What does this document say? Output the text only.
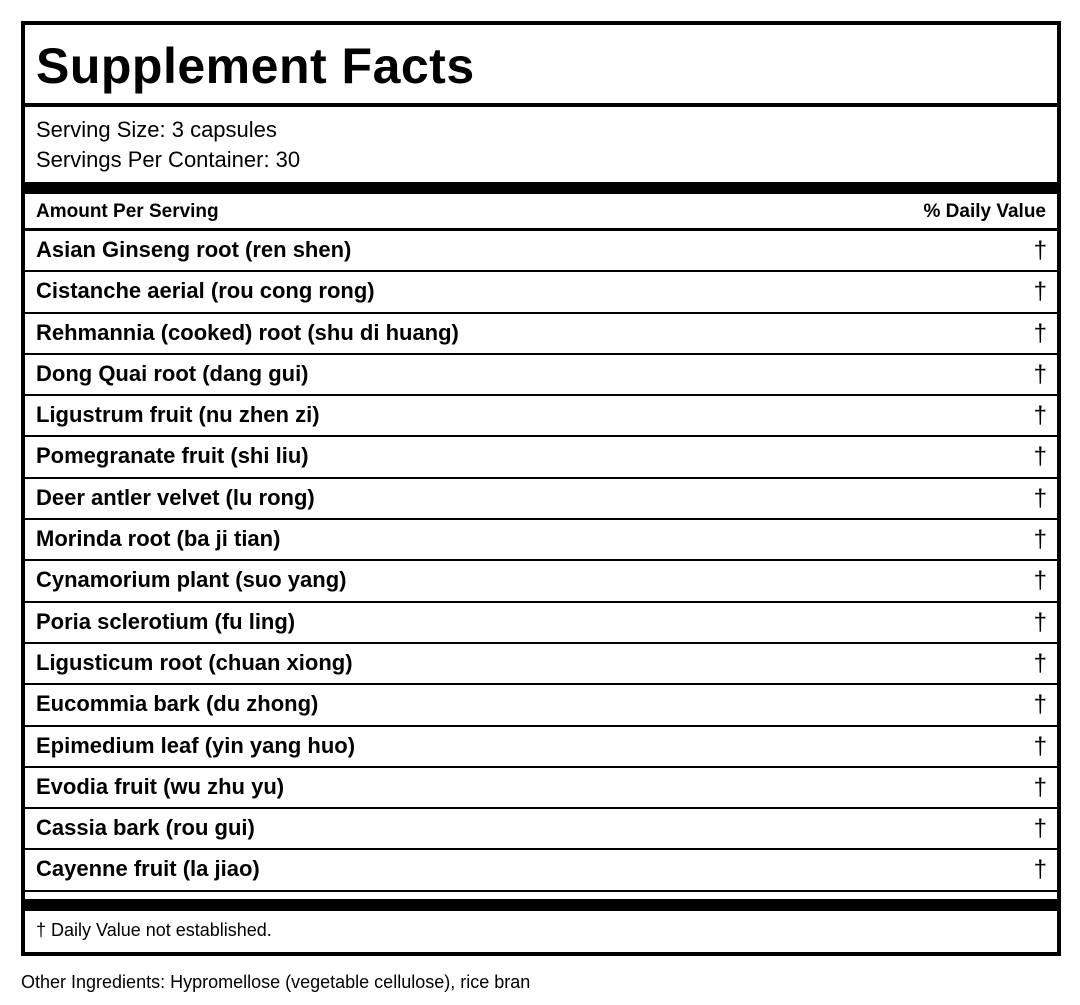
Supplement Facts
Serving Size: 3 capsules
Servings Per Container: 30
Amount Per Serving	% Daily Value
Asian Ginseng root (ren shen)	†
Cistanche aerial (rou cong rong)	†
Rehmannia (cooked) root (shu di huang)	†
Dong Quai root (dang gui)	†
Ligustrum fruit (nu zhen zi)	†
Pomegranate fruit (shi liu)	†
Deer antler velvet (lu rong)	†
Morinda root (ba ji tian)	†
Cynamorium plant (suo yang)	†
Poria sclerotium (fu ling)	†
Ligusticum root (chuan xiong)	†
Eucommia bark (du zhong)	†
Epimedium leaf (yin yang huo)	†
Evodia fruit (wu zhu yu)	†
Cassia bark (rou gui)	†
Cayenne fruit (la jiao)	†
† Daily Value not established.
Other Ingredients: Hypromellose (vegetable cellulose), rice bran
